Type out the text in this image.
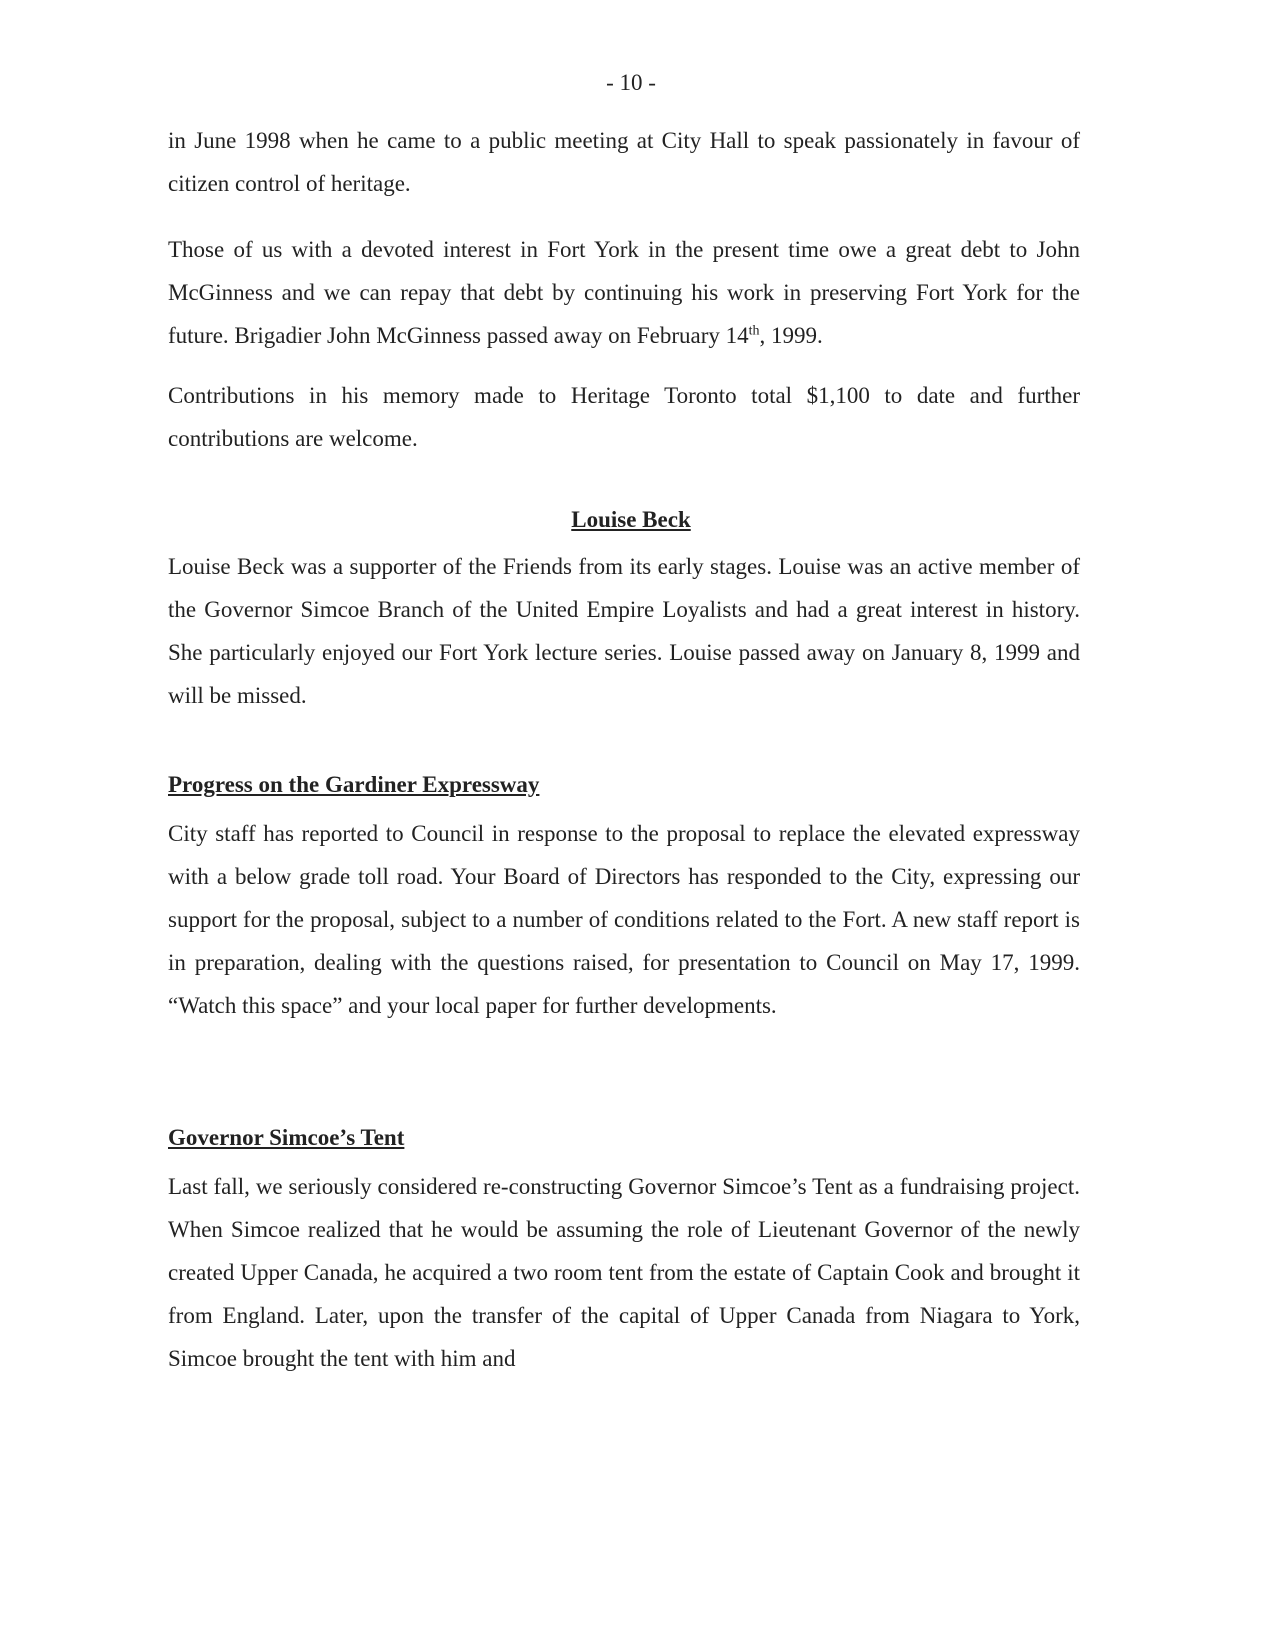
- 10 -

in June 1998 when he came to a public meeting at City Hall to speak passionately in favour of citizen control of heritage.

Those of us with a devoted interest in Fort York in the present time owe a great debt to John McGinness and we can repay that debt by continuing his work in preserving Fort York for the future. Brigadier John McGinness passed away on February 14th, 1999.

Contributions in his memory made to Heritage Toronto total $1,100 to date and further contributions are welcome.

Louise Beck

Louise Beck was a supporter of the Friends from its early stages. Louise was an active member of the Governor Simcoe Branch of the United Empire Loyalists and had a great interest in history. She particularly enjoyed our Fort York lecture series. Louise passed away on January 8, 1999 and will be missed.

Progress on the Gardiner Expressway

City staff has reported to Council in response to the proposal to replace the elevated expressway with a below grade toll road. Your Board of Directors has responded to the City, expressing our support for the proposal, subject to a number of conditions related to the Fort. A new staff report is in preparation, dealing with the questions raised, for presentation to Council on May 17, 1999. “Watch this space” and your local paper for further developments.

Governor Simcoe’s Tent

Last fall, we seriously considered re-constructing Governor Simcoe’s Tent as a fundraising project. When Simcoe realized that he would be assuming the role of Lieutenant Governor of the newly created Upper Canada, he acquired a two room tent from the estate of Captain Cook and brought it from England. Later, upon the transfer of the capital of Upper Canada from Niagara to York, Simcoe brought the tent with him and
